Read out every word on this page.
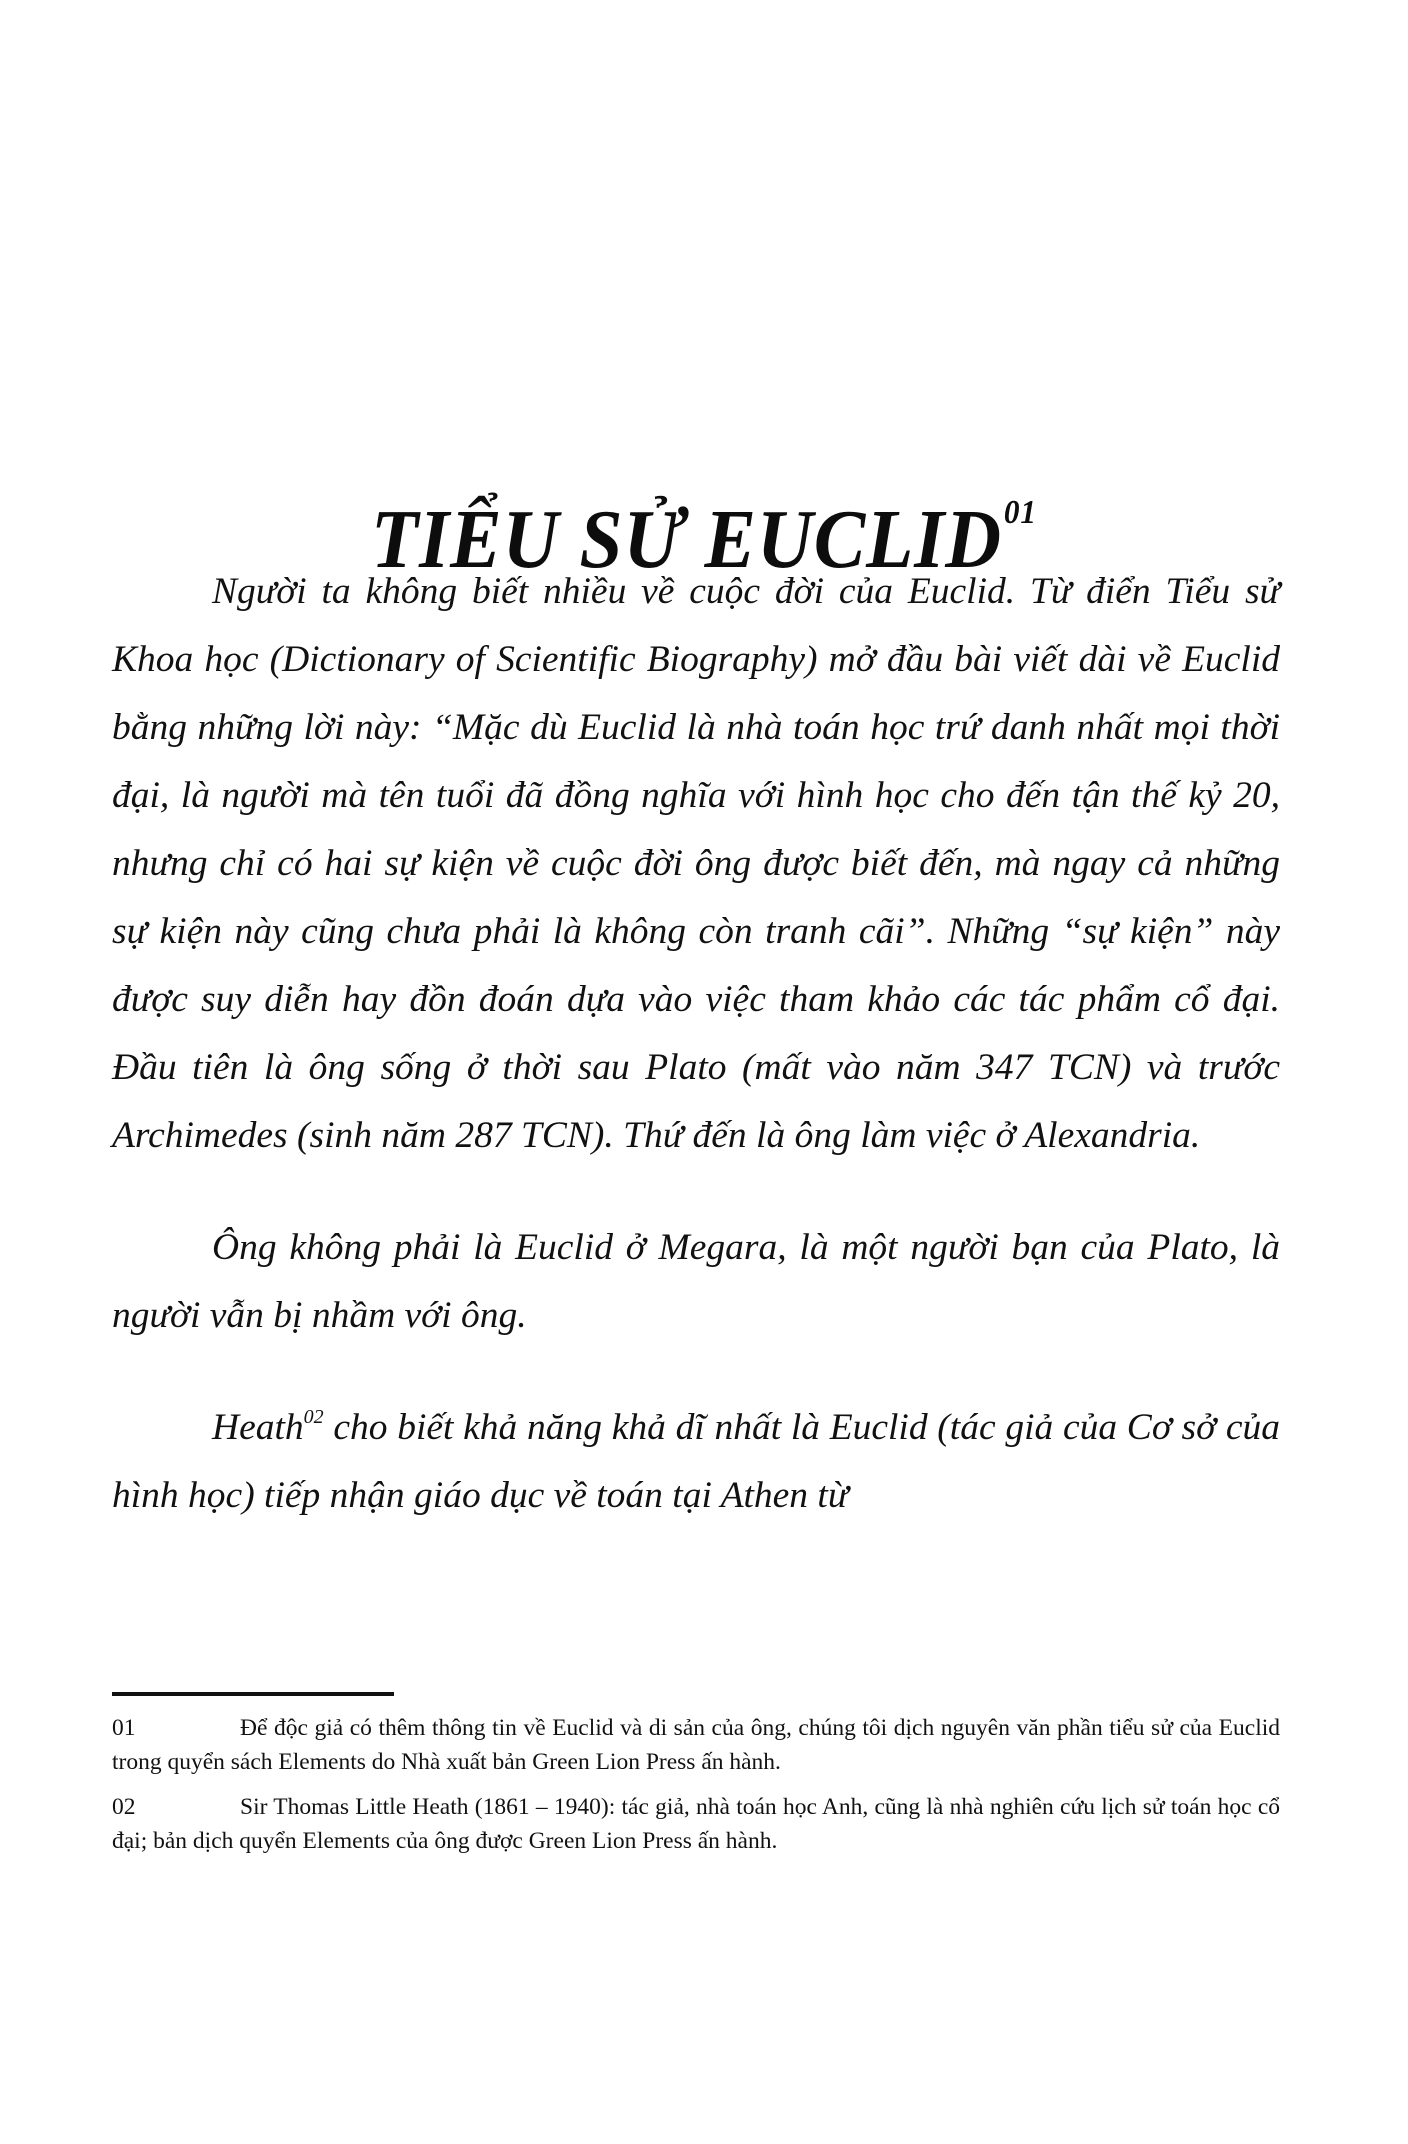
TIỂU SỬ EUCLID$^{01}$

Người ta không biết nhiều về cuộc đời của Euclid. Từ điển Tiểu sử Khoa học (Dictionary of Scientific Biography) mở đầu bài viết dài về Euclid bằng những lời này: “Mặc dù Euclid là nhà toán học trứ danh nhất mọi thời đại, là người mà tên tuổi đã đồng nghĩa với hình học cho đến tận thế kỷ 20, nhưng chỉ có hai sự kiện về cuộc đời ông được biết đến, mà ngay cả những sự kiện này cũng chưa phải là không còn tranh cãi”. Những “sự kiện” này được suy diễn hay đồn đoán dựa vào việc tham khảo các tác phẩm cổ đại. Đầu tiên là ông sống ở thời sau Plato (mất vào năm 347 TCN) và trước Archimedes (sinh năm 287 TCN). Thứ đến là ông làm việc ở Alexandria.

Ông không phải là Euclid ở Megara, là một người bạn của Plato, là người vẫn bị nhầm với ông.

Heath$^{02}$ cho biết khả năng khả dĩ nhất là Euclid (tác giả của Cơ sở của hình học) tiếp nhận giáo dục về toán tại Athen từ

01	Để độc giả có thêm thông tin về Euclid và di sản của ông, chúng tôi dịch nguyên văn phần tiểu sử của Euclid trong quyển sách Elements do Nhà xuất bản Green Lion Press ấn hành.

02	Sir Thomas Little Heath (1861 – 1940): tác giả, nhà toán học Anh, cũng là nhà nghiên cứu lịch sử toán học cổ đại; bản dịch quyển Elements của ông được Green Lion Press ấn hành.
